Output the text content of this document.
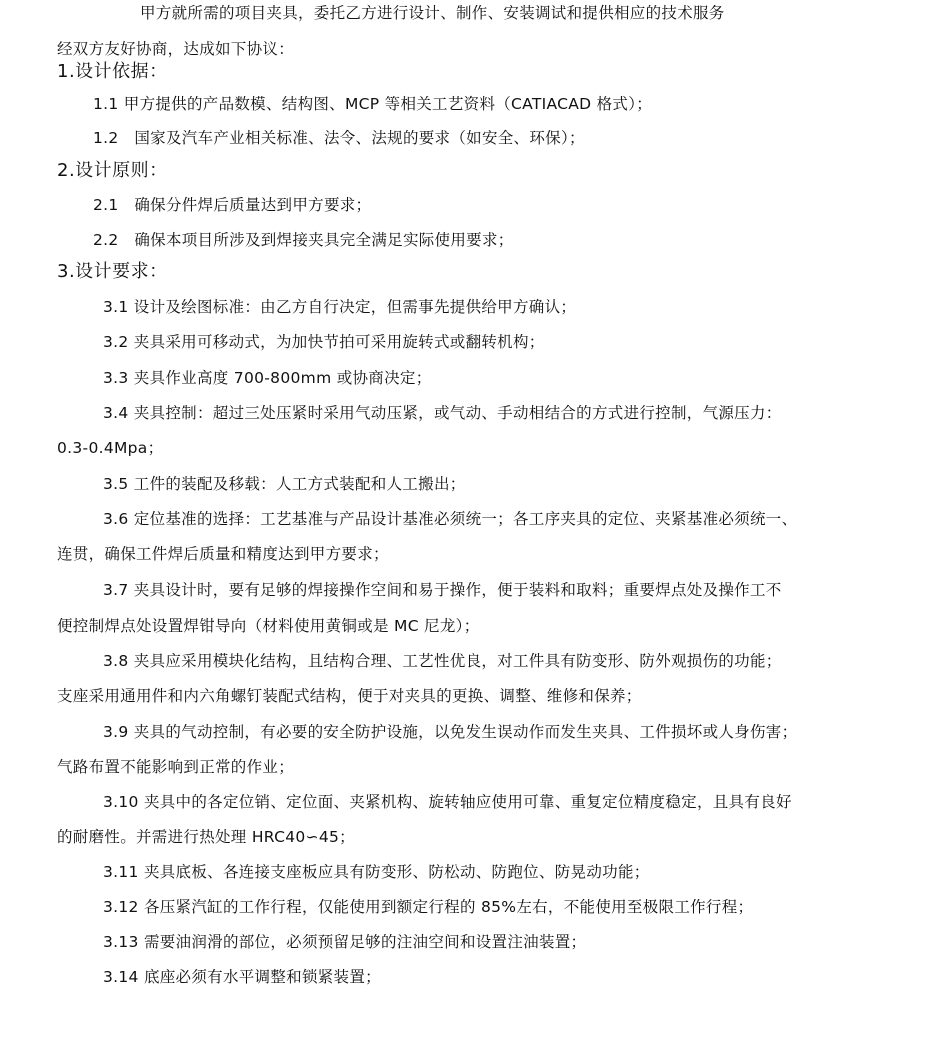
甲方就所需的项目夹具，委托乙方进行设计、制作、安装调试和提供相应的技术服务
经双方友好协商，达成如下协议：
1.设计依据：
1.1 甲方提供的产品数模、结构图、MCP 等相关工艺资料（CATIACAD 格式）；
1.2　国家及汽车产业相关标准、法令、法规的要求（如安全、环保）；
2.设计原则：
2.1　确保分件焊后质量达到甲方要求；
2.2　确保本项目所涉及到焊接夹具完全满足实际使用要求；
3.设计要求：
3.1 设计及绘图标准：由乙方自行决定，但需事先提供给甲方确认；
3.2 夹具采用可移动式，为加快节拍可采用旋转式或翻转机构；
3.3 夹具作业高度 700-800mm 或协商决定；
3.4 夹具控制：超过三处压紧时采用气动压紧，或气动、手动相结合的方式进行控制，气源压力：
0.3-0.4Mpa；
3.5 工件的装配及移载：人工方式装配和人工搬出；
3.6 定位基准的选择：工艺基准与产品设计基准必须统一；各工序夹具的定位、夹紧基准必须统一、
连贯，确保工件焊后质量和精度达到甲方要求；
3.7 夹具设计时，要有足够的焊接操作空间和易于操作，便于装料和取料；重要焊点处及操作工不
便控制焊点处设置焊钳导向（材料使用黄铜或是 MC 尼龙）；
3.8 夹具应采用模块化结构，且结构合理、工艺性优良，对工件具有防变形、防外观损伤的功能；
支座采用通用件和内六角螺钉装配式结构，便于对夹具的更换、调整、维修和保养；
3.9 夹具的气动控制，有必要的安全防护设施，以免发生误动作而发生夹具、工件损坏或人身伤害；
气路布置不能影响到正常的作业；
3.10 夹具中的各定位销、定位面、夹紧机构、旋转轴应使用可靠、重复定位精度稳定，且具有良好
的耐磨性。并需进行热处理 HRC40∽45；
3.11 夹具底板、各连接支座板应具有防变形、防松动、防跑位、防晃动功能；
3.12 各压紧汽缸的工作行程，仅能使用到额定行程的 85%左右，不能使用至极限工作行程；
3.13 需要油润滑的部位，必须预留足够的注油空间和设置注油装置；
3.14 底座必须有水平调整和锁紧装置；
